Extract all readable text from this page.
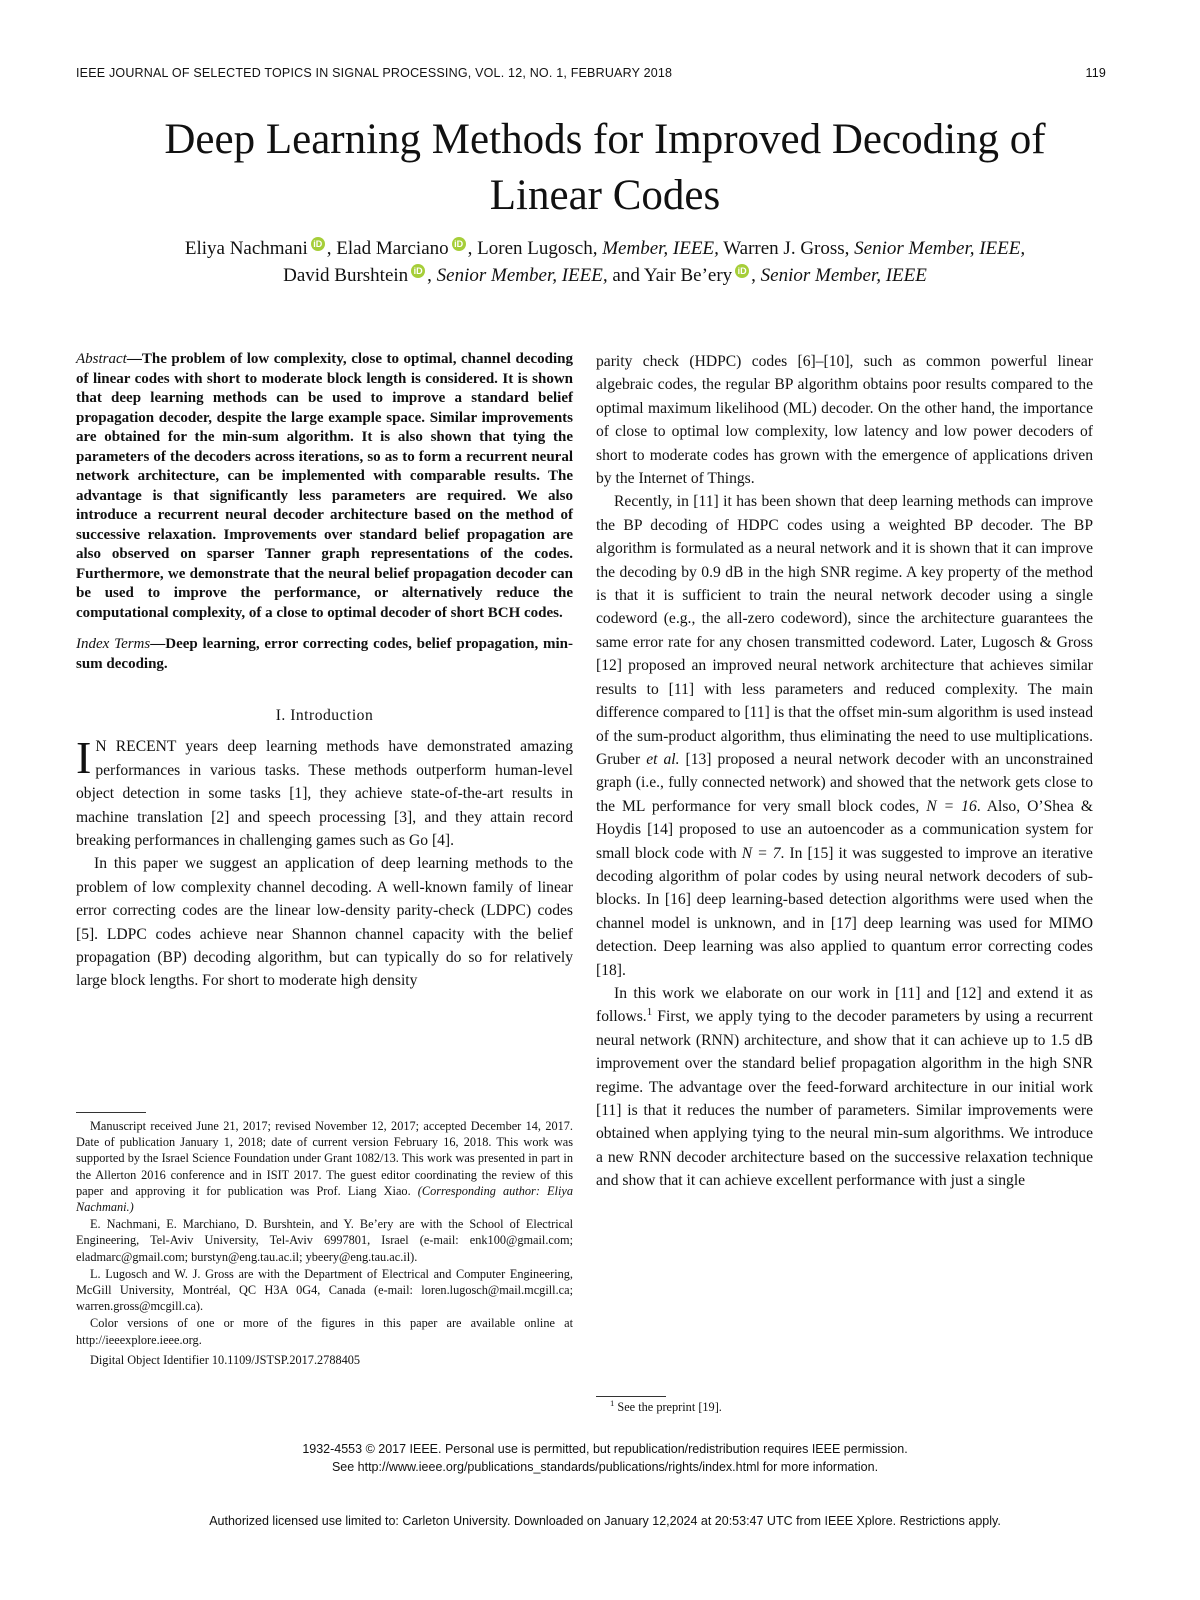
IEEE JOURNAL OF SELECTED TOPICS IN SIGNAL PROCESSING, VOL. 12, NO. 1, FEBRUARY 2018	119
Deep Learning Methods for Improved Decoding of
Linear Codes
Eliya Nachmani iD , Elad Marciano iD , Loren Lugosch, Member, IEEE, Warren J. Gross, Senior Member, IEEE,
David Burshtein iD , Senior Member, IEEE, and Yair Be’ery iD , Senior Member, IEEE

Abstract—The problem of low complexity, close to optimal, channel decoding of linear codes with short to moderate block length is considered. It is shown that deep learning methods can be used to improve a standard belief propagation decoder, despite the large example space. Similar improvements are obtained for the min-sum algorithm. It is also shown that tying the parameters of the decoders across iterations, so as to form a recurrent neural network architecture, can be implemented with comparable results. The advantage is that significantly less parameters are required. We also introduce a recurrent neural decoder architecture based on the method of successive relaxation. Improvements over standard belief propagation are also observed on sparser Tanner graph representations of the codes. Furthermore, we demonstrate that the neural belief propagation decoder can be used to improve the performance, or alternatively reduce the computational complexity, of a close to optimal decoder of short BCH codes.

Index Terms—Deep learning, error correcting codes, belief propagation, min-sum decoding.

I. Introduction

I N RECENT years deep learning methods have demonstrated amazing performances in various tasks. These methods outperform human-level object detection in some tasks [1], they achieve state-of-the-art results in machine translation [2] and speech processing [3], and they attain record breaking performances in challenging games such as Go [4].

In this paper we suggest an application of deep learning methods to the problem of low complexity channel decoding. A well-known family of linear error correcting codes are the linear low-density parity-check (LDPC) codes [5]. LDPC codes achieve near Shannon channel capacity with the belief propagation (BP) decoding algorithm, but can typically do so for relatively large block lengths. For short to moderate high density

Manuscript received June 21, 2017; revised November 12, 2017; accepted December 14, 2017. Date of publication January 1, 2018; date of current version February 16, 2018. This work was supported by the Israel Science Foundation under Grant 1082/13. This work was presented in part in the Allerton 2016 conference and in ISIT 2017. The guest editor coordinating the review of this paper and approving it for publication was Prof. Liang Xiao. (Corresponding author: Eliya Nachmani.)

E. Nachmani, E. Marchiano, D. Burshtein, and Y. Be’ery are with the School of Electrical Engineering, Tel-Aviv University, Tel-Aviv 6997801, Israel (e-mail: enk100@gmail.com; eladmarc@gmail.com; burstyn@eng.tau.ac.il; ybeery@eng.tau.ac.il).

L. Lugosch and W. J. Gross are with the Department of Electrical and Computer Engineering, McGill University, Montréal, QC H3A 0G4, Canada (e-mail: loren.lugosch@mail.mcgill.ca; warren.gross@mcgill.ca).

Color versions of one or more of the figures in this paper are available online at http://ieeexplore.ieee.org.

Digital Object Identifier 10.1109/JSTSP.2017.2788405

parity check (HDPC) codes [6]–[10], such as common powerful linear algebraic codes, the regular BP algorithm obtains poor results compared to the optimal maximum likelihood (ML) decoder. On the other hand, the importance of close to optimal low complexity, low latency and low power decoders of short to moderate codes has grown with the emergence of applications driven by the Internet of Things.

Recently, in [11] it has been shown that deep learning methods can improve the BP decoding of HDPC codes using a weighted BP decoder. The BP algorithm is formulated as a neural network and it is shown that it can improve the decoding by 0.9 dB in the high SNR regime. A key property of the method is that it is sufficient to train the neural network decoder using a single codeword (e.g., the all-zero codeword), since the architecture guarantees the same error rate for any chosen transmitted codeword. Later, Lugosch & Gross [12] proposed an improved neural network architecture that achieves similar results to [11] with less parameters and reduced complexity. The main difference compared to [11] is that the offset min-sum algorithm is used instead of the sum-product algorithm, thus eliminating the need to use multiplications. Gruber et al. [13] proposed a neural network decoder with an unconstrained graph (i.e., fully connected network) and showed that the network gets close to the ML performance for very small block codes, N = 16. Also, O’Shea & Hoydis [14] proposed to use an autoencoder as a communication system for small block code with N = 7. In [15] it was suggested to improve an iterative decoding algorithm of polar codes by using neural network decoders of sub-blocks. In [16] deep learning-based detection algorithms were used when the channel model is unknown, and in [17] deep learning was used for MIMO detection. Deep learning was also applied to quantum error correcting codes [18].

In this work we elaborate on our work in [11] and [12] and extend it as follows.$^1$ First, we apply tying to the decoder parameters by using a recurrent neural network (RNN) architecture, and show that it can achieve up to 1.5 dB improvement over the standard belief propagation algorithm in the high SNR regime. The advantage over the feed-forward architecture in our initial work [11] is that it reduces the number of parameters. Similar improvements were obtained when applying tying to the neural min-sum algorithms. We introduce a new RNN decoder architecture based on the successive relaxation technique and show that it can achieve excellent performance with just a single

$^1$ See the preprint [19].
1932-4553 © 2017 IEEE. Personal use is permitted, but republication/redistribution requires IEEE permission.
See http://www.ieee.org/publications_standards/publications/rights/index.html for more information.
Authorized licensed use limited to: Carleton University. Downloaded on January 12,2024 at 20:53:47 UTC from IEEE Xplore. Restrictions apply.
